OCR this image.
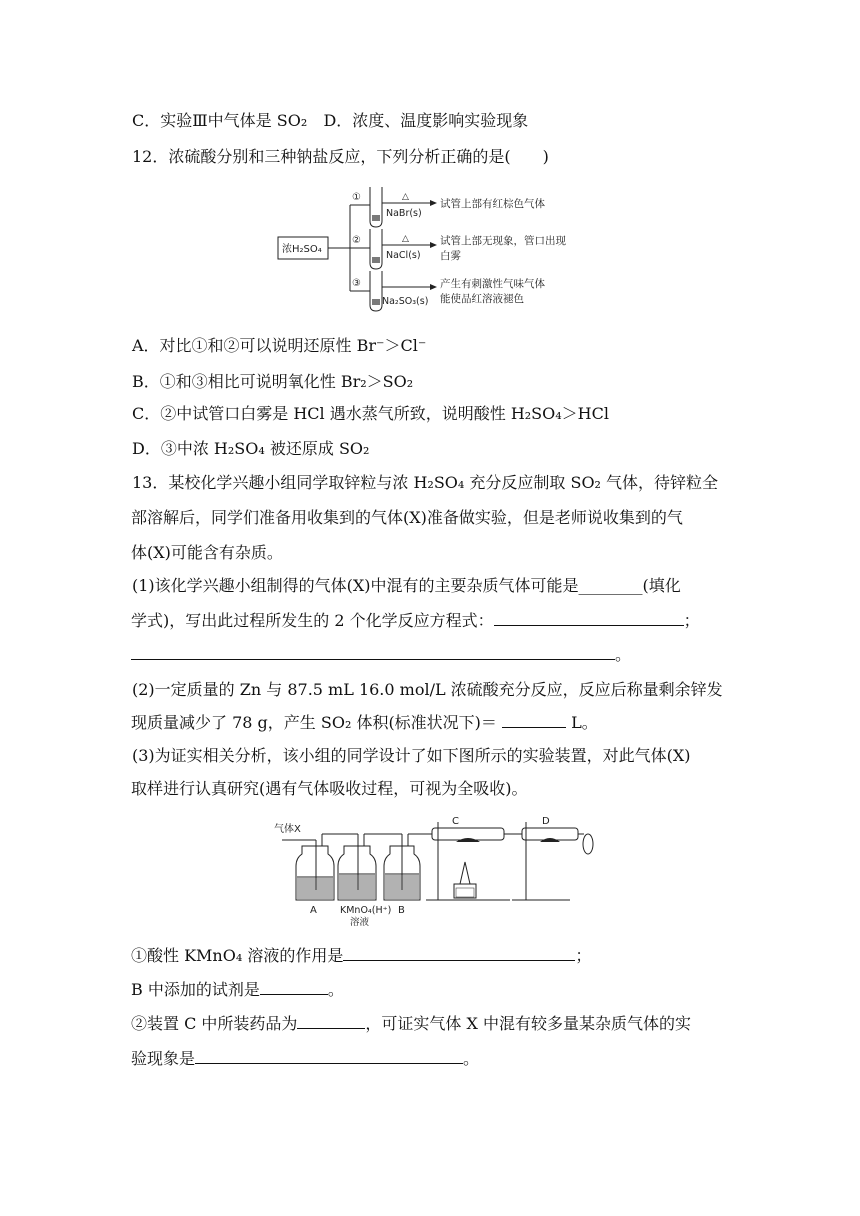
C．实验Ⅲ中气体是 SO₂ D．浓度、温度影响实验现象
12．浓硫酸分别和三种钠盐反应，下列分析正确的是(　　)
浓H₂SO₄
①
②
③
△
△
NaBr(s)
NaCl(s)
Na₂SO₃(s)
试管上部有红棕色气体
试管上部无现象，管口出现
白雾
产生有刺激性气味气体
能使品红溶液褪色
A．对比①和②可以说明还原性 Br⁻＞Cl⁻
B．①和③相比可说明氧化性 Br₂＞SO₂
C．②中试管口白雾是 HCl 遇水蒸气所致，说明酸性 H₂SO₄＞HCl
D．③中浓 H₂SO₄ 被还原成 SO₂
13．某校化学兴趣小组同学取锌粒与浓 H₂SO₄ 充分反应制取 SO₂ 气体，待锌粒全
部溶解后，同学们准备用收集到的气体(X)准备做实验，但是老师说收集到的气
体(X)可能含有杂质。
(1)该化学兴趣小组制得的气体(X)中混有的主要杂质气体可能是________(填化
学式)，写出此过程所发生的 2 个化学反应方程式：	；
。
(2)一定质量的 Zn 与 87.5 mL 16.0 mol/L 浓硫酸充分反应，反应后称量剩余锌发
现质量减少了 78 g，产生 SO₂ 体积(标准状况下)＝	L。
(3)为证实相关分析，该小组的同学设计了如下图所示的实验装置，对此气体(X)
取样进行认真研究(遇有气体吸收过程，可视为全吸收)。
气体X
C	D
A KMnO₄(H⁺)
溶液
B
①酸性 KMnO₄ 溶液的作用是	；
B 中添加的试剂是	。
②装置 C 中所装药品为	，可证实气体 X 中混有较多量某杂质气体的实
验现象是	。
